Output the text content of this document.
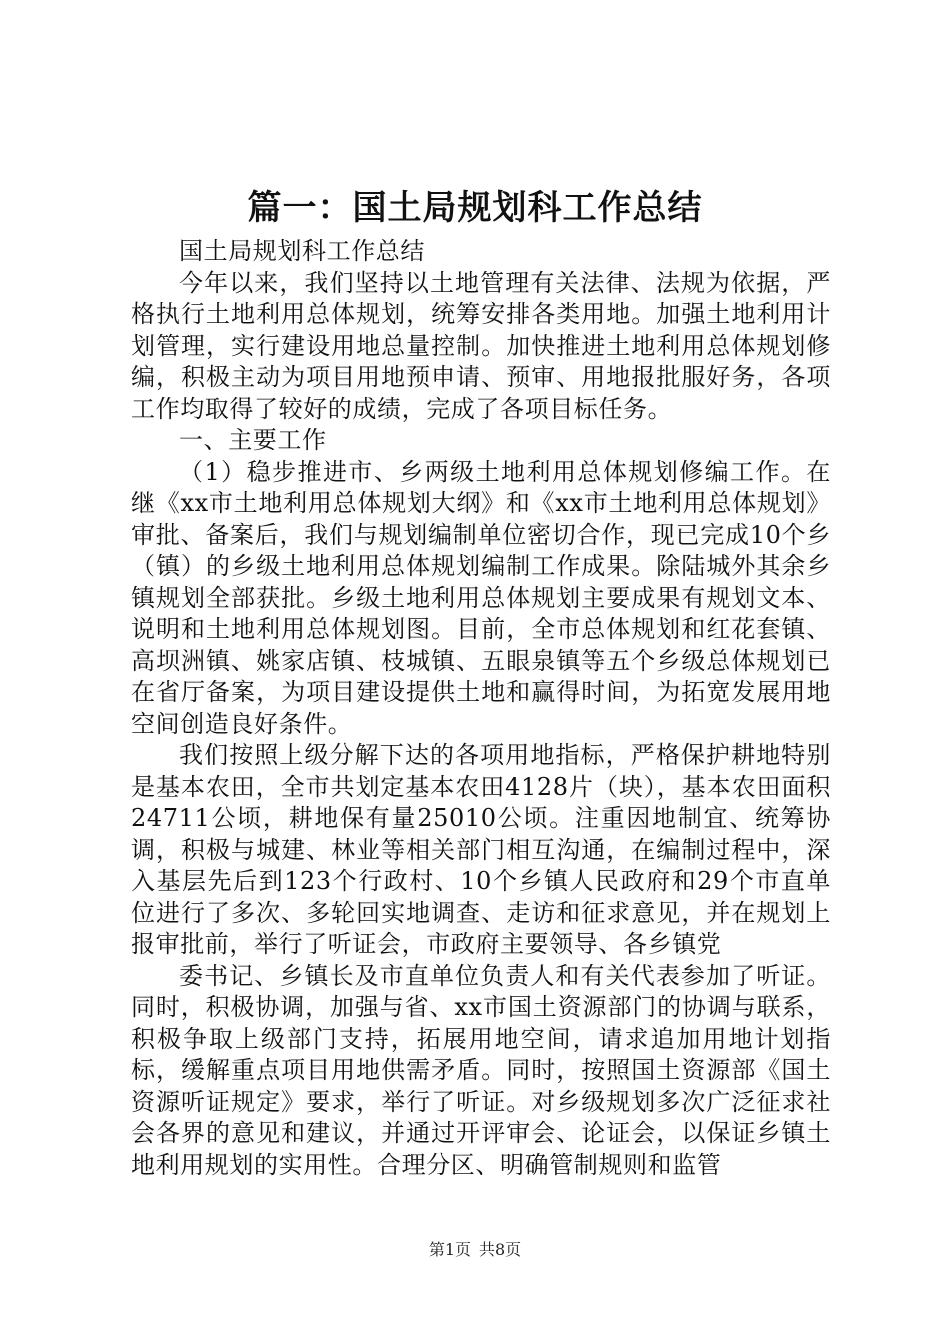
篇一：国土局规划科工作总结

国土局规划科工作总结

今年以来，我们坚持以土地管理有关法律、法规为依据，严格执行土地利用总体规划，统筹安排各类用地。加强土地利用计划管理，实行建设用地总量控制。加快推进土地利用总体规划修编，积极主动为项目用地预申请、预审、用地报批服好务，各项工作均取得了较好的成绩，完成了各项目标任务。

一、主要工作

（1）稳步推进市、乡两级土地利用总体规划修编工作。在继《xx市土地利用总体规划大纲》和《xx市土地利用总体规划》审批、备案后，我们与规划编制单位密切合作，现已完成10个乡（镇）的乡级土地利用总体规划编制工作成果。除陆城外其余乡镇规划全部获批。乡级土地利用总体规划主要成果有规划文本、说明和土地利用总体规划图。目前，全市总体规划和红花套镇、高坝洲镇、姚家店镇、枝城镇、五眼泉镇等五个乡级总体规划已在省厅备案，为项目建设提供土地和赢得时间，为拓宽发展用地空间创造良好条件。

我们按照上级分解下达的各项用地指标，严格保护耕地特别是基本农田，全市共划定基本农田4128片（块），基本农田面积24711公顷，耕地保有量25010公顷。注重因地制宜、统筹协调，积极与城建、林业等相关部门相互沟通，在编制过程中，深入基层先后到123个行政村、10个乡镇人民政府和29个市直单位进行了多次、多轮回实地调查、走访和征求意见，并在规划上报审批前，举行了听证会，市政府主要领导、各乡镇党

委书记、乡镇长及市直单位负责人和有关代表参加了听证。同时，积极协调，加强与省、xx市国土资源部门的协调与联系，积极争取上级部门支持，拓展用地空间，请求追加用地计划指标，缓解重点项目用地供需矛盾。同时，按照国土资源部《国土资源听证规定》要求，举行了听证。对乡级规划多次广泛征求社会各界的意见和建议，并通过开评审会、论证会，以保证乡镇土地利用规划的实用性。合理分区、明确管制规则和监管

第1页 共8页
